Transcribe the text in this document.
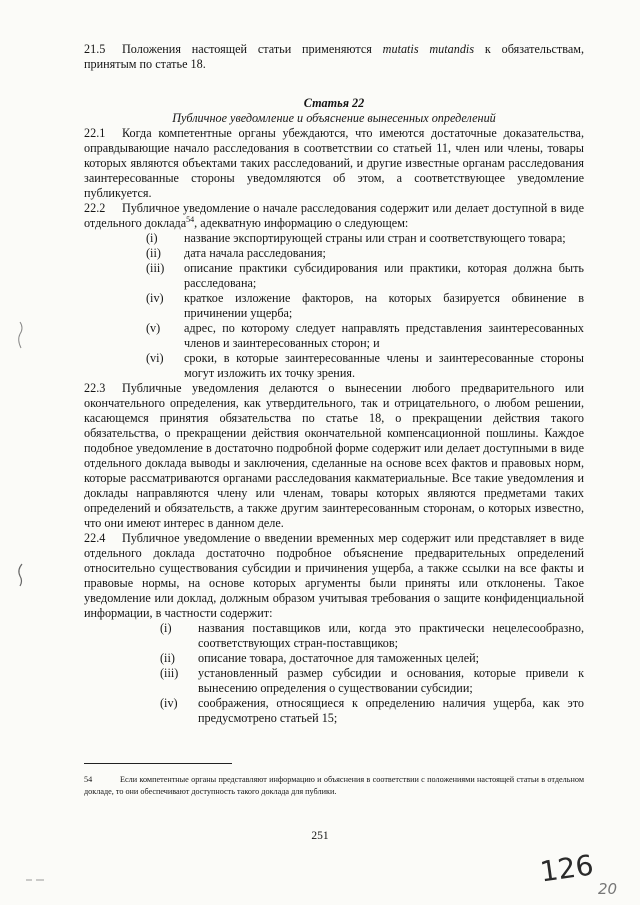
21.5 Положения настоящей статьи применяются mutatis mutandis к обязательствам, принятым по статье 18.

Статья 22

Публичное уведомление и объяснение вынесенных определений

22.1 Когда компетентные органы убеждаются, что имеются достаточные доказательства, оправдывающие начало расследования в соответствии со статьей 11, член или члены, товары которых являются объектами таких расследований, и другие известные органам расследования заинтересованные стороны уведомляются об этом, а соответствующее уведомление публикуется.

22.2 Публичное уведомление о начале расследования содержит или делает доступной в виде отдельного доклада$^{54}$, адекватную информацию о следующем:

(i)	название экспортирующей страны или стран и соответствующего товара;
(ii)	дата начала расследования;
(iii)	описание практики субсидирования или практики, которая должна быть расследована;
(iv)	краткое изложение факторов, на которых базируется обвинение в причинении ущерба;
(v)	адрес, по которому следует направлять представления заинтересованных членов и заинтересованных сторон; и
(vi)	сроки, в которые заинтересованные члены и заинтересованные стороны могут изложить их точку зрения.

22.3 Публичные уведомления делаются о вынесении любого предварительного или окончательного определения, как утвердительного, так и отрицательного, о любом решении, касающемся принятия обязательства по статье 18, о прекращении действия такого обязательства, о прекращении действия окончательной компенсационной пошлины. Каждое подобное уведомление в достаточно подробной форме содержит или делает доступными в виде отдельного доклада выводы и заключения, сделанные на основе всех фактов и правовых норм, которые рассматриваются органами расследования какматериальные. Все такие уведомления и доклады направляются члену или членам, товары которых являются предметами таких определений и обязательств, а также другим заинтересованным сторонам, о которых известно, что они имеют интерес в данном деле.

22.4 Публичное уведомление о введении временных мер содержит или представляет в виде отдельного доклада достаточно подробное объяснение предварительных определений относительно существования субсидии и причинения ущерба, а также ссылки на все факты и правовые нормы, на основе которых аргументы были приняты или отклонены. Такое уведомление или доклад, должным образом учитывая требования о защите конфиденциальной информации, в частности содержит:

(i)	названия поставщиков или, когда это практически нецелесообразно, соответствующих стран-поставщиков;
(ii)	описание товара, достаточное для таможенных целей;
(iii)	установленный размер субсидии и основания, которые привели к вынесению определения о существовании субсидии;
(iv)	соображения, относящиеся к определению наличия ущерба, как это предусмотрено статьей 15;
54	Если компетентные органы представляют информацию и объяснения в соответствии с положениями настоящей статьи в отдельном докладе, то они обеспечивают доступность такого доклада для публики.
251
126
20
